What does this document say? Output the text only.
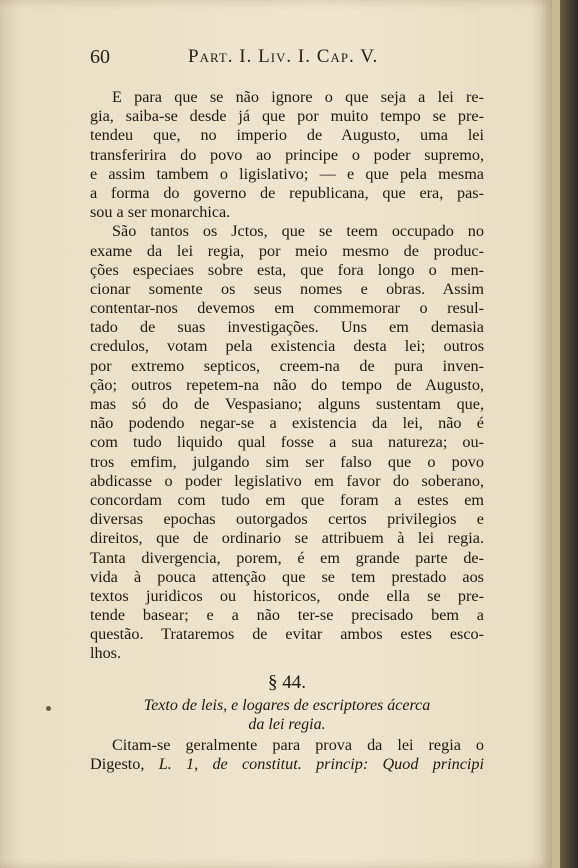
60	Part. I. Liv. I. Cap. V.
E para que se não ignore o que seja a lei re-
gia, saiba-se desde já que por muito tempo se pre-
tendeu que, no imperio de Augusto, uma lei
transferirira do povo ao principe o poder supremo,
e assim tambem o ligislativo; — e que pela mesma
a forma do governo de republicana, que era, pas-
sou a ser monarchica.
São tantos os Jctos, que se teem occupado no
exame da lei regia, por meio mesmo de produc-
ções especiaes sobre esta, que fora longo o men-
cionar somente os seus nomes e obras. Assim
contentar-nos devemos em commemorar o resul-
tado de suas investigações. Uns em demasia
credulos, votam pela existencia desta lei; outros
por extremo septicos, creem-na de pura inven-
ção; outros repetem-na não do tempo de Augusto,
mas só do de Vespasiano; alguns sustentam que,
não podendo negar-se a existencia da lei, não é
com tudo liquido qual fosse a sua natureza; ou-
tros emfim, julgando sim ser falso que o povo
abdicasse o poder legislativo em favor do soberano,
concordam com tudo em que foram a estes em
diversas epochas outorgados certos privilegios e
direitos, que de ordinario se attribuem à lei regia.
Tanta divergencia, porem, é em grande parte de-
vida à pouca attenção que se tem prestado aos
textos juridicos ou historicos, onde ella se pre-
tende basear; e a não ter-se precisado bem a
questão. Trataremos de evitar ambos estes esco-
lhos.
§ 44.
Texto de leis, e logares de escriptores ácerca
da lei regia.
Citam-se geralmente para prova da lei regia o
Digesto, L. 1, de constitut. princip: Quod principi
